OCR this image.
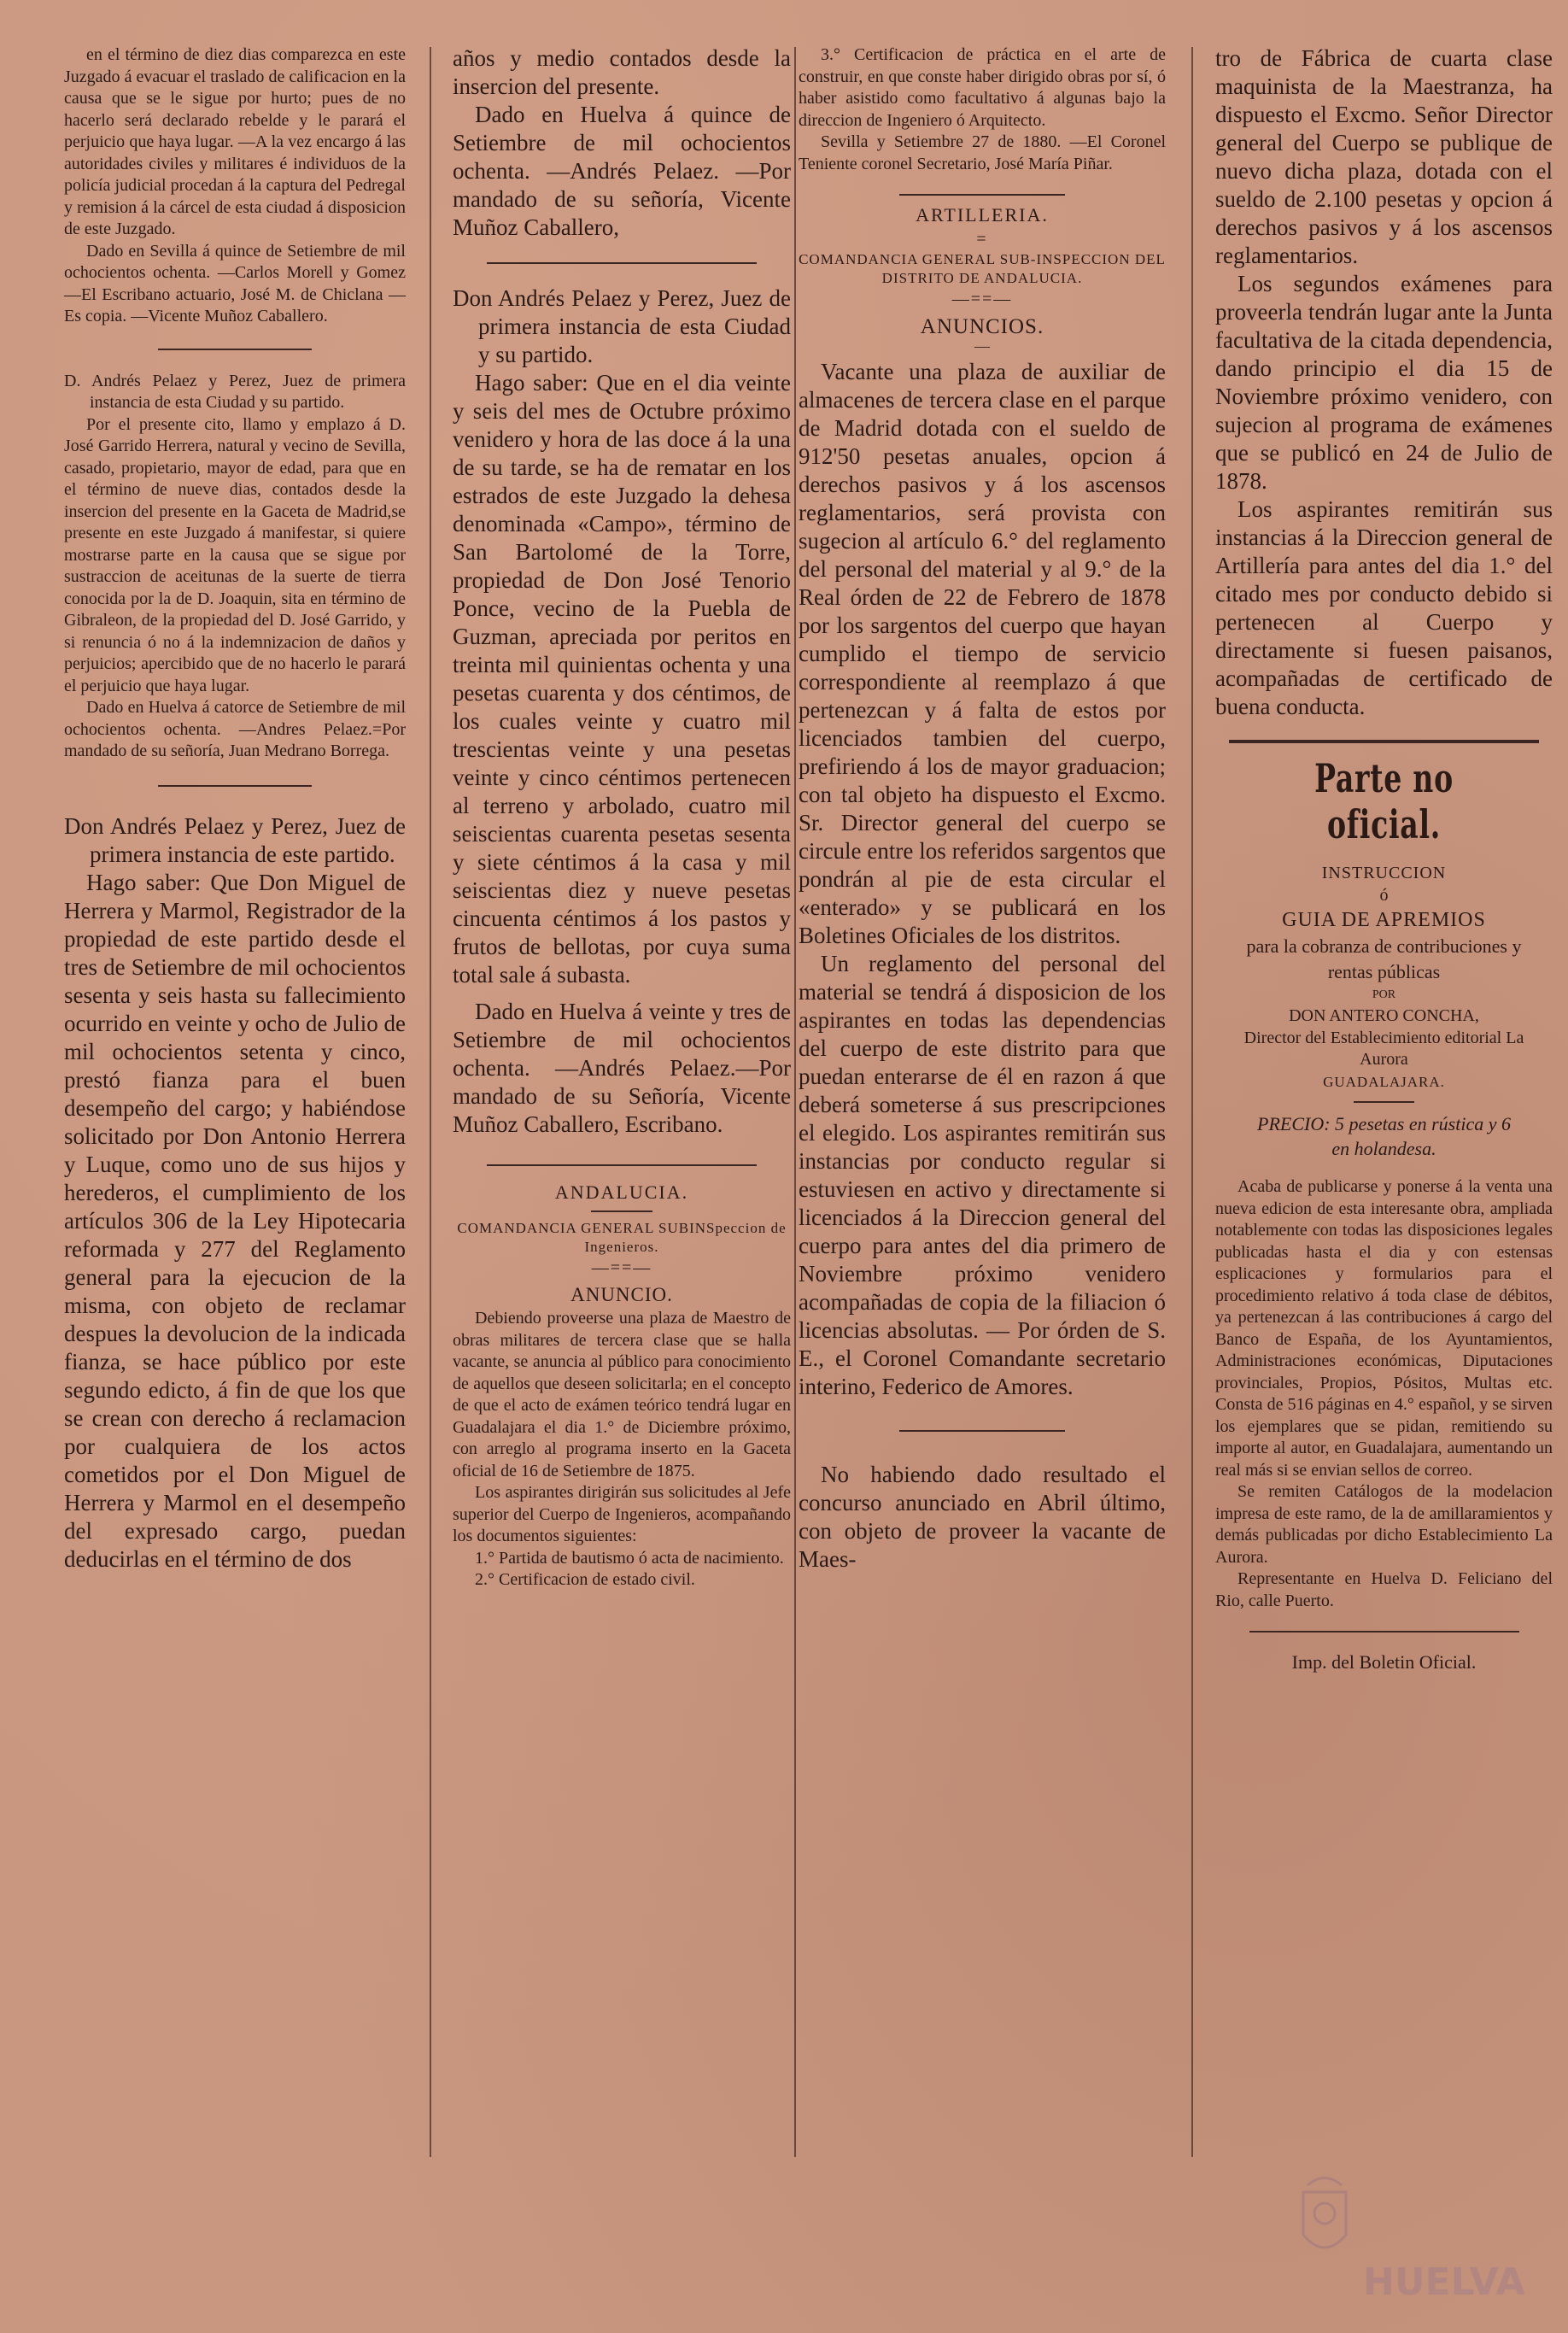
en el término de diez dias comparezca en este Juzgado á evacuar el traslado de calificacion en la causa que se le sigue por hurto; pues de no hacerlo será declarado rebelde y le parará el perjuicio que haya lugar. —A la vez encargo á las autoridades civiles y militares é individuos de la policía judicial procedan á la captura del Pedregal y remision á la cárcel de esta ciudad á disposicion de este Juzgado.

Dado en Sevilla á quince de Setiembre de mil ochocientos ochenta. —Carlos Morell y Gomez —El Escribano actuario, José M. de Chiclana —Es copia. —Vicente Muñoz Caballero.

D. Andrés Pelaez y Perez, Juez de primera instancia de esta Ciudad y su partido.

Por el presente cito, llamo y emplazo á D. José Garrido Herrera, natural y vecino de Sevilla, casado, propietario, mayor de edad, para que en el término de nueve dias, contados desde la insercion del presente en la Gaceta de Madrid,se presente en este Juzgado á manifestar, si quiere mostrarse parte en la causa que se sigue por sustraccion de aceitunas de la suerte de tierra conocida por la de D. Joaquin, sita en término de Gibraleon, de la propiedad del D. José Garrido, y si renuncia ó no á la indemnizacion de daños y perjuicios; apercibido que de no hacerlo le parará el perjuicio que haya lugar.

Dado en Huelva á catorce de Setiembre de mil ochocientos ochenta. —Andres Pelaez.=Por mandado de su señoría, Juan Medrano Borrega.

Don Andrés Pelaez y Perez, Juez de primera instancia de este partido.

Hago saber: Que Don Miguel de Herrera y Marmol, Registrador de la propiedad de este partido desde el tres de Setiembre de mil ochocientos sesenta y seis hasta su fallecimiento ocurrido en veinte y ocho de Julio de mil ochocientos setenta y cinco, prestó fianza para el buen desempeño del cargo; y habiéndose solicitado por Don Antonio Herrera y Luque, como uno de sus hijos y herederos, el cumplimiento de los artículos 306 de la Ley Hipotecaria reformada y 277 del Reglamento general para la ejecucion de la misma, con objeto de reclamar despues la devolucion de la indicada fianza, se hace público por este segundo edicto, á fin de que los que se crean con derecho á reclamacion por cualquiera de los actos cometidos por el Don Miguel de Herrera y Marmol en el desempeño del expresado cargo, puedan deducirlas en el término de dos

años y medio contados desde la insercion del presente.

Dado en Huelva á quince de Setiembre de mil ochocientos ochenta. —Andrés Pelaez. —Por mandado de su señoría, Vicente Muñoz Caballero,

Don Andrés Pelaez y Perez, Juez de primera instancia de esta Ciudad y su partido.

Hago saber: Que en el dia veinte y seis del mes de Octubre próximo venidero y hora de las doce á la una de su tarde, se ha de rematar en los estrados de este Juzgado la dehesa denominada «Campo», término de San Bartolomé de la Torre, propiedad de Don José Tenorio Ponce, vecino de la Puebla de Guzman, apreciada por peritos en treinta mil quinientas ochenta y una pesetas cuarenta y dos céntimos, de los cuales veinte y cuatro mil trescientas veinte y una pesetas veinte y cinco céntimos pertenecen al terreno y arbolado, cuatro mil seiscientas cuarenta pesetas sesenta y siete céntimos á la casa y mil seiscientas diez y nueve pesetas cincuenta céntimos á los pastos y frutos de bellotas, por cuya suma total sale á subasta.

Dado en Huelva á veinte y tres de Setiembre de mil ochocientos ochenta. —Andrés Pelaez.—Por mandado de su Señoría, Vicente Muñoz Caballero, Escribano.

ANDALUCIA.
COMANDANCIA GENERAL SUBINSpeccion de Ingenieros.
—==—
ANUNCIO.

Debiendo proveerse una plaza de Maestro de obras militares de tercera clase que se halla vacante, se anuncia al público para conocimiento de aquellos que deseen solicitarla; en el concepto de que el acto de exámen teórico tendrá lugar en Guadalajara el dia 1.° de Diciembre próximo, con arreglo al programa inserto en la Gaceta oficial de 16 de Setiembre de 1875.

Los aspirantes dirigirán sus solicitudes al Jefe superior del Cuerpo de Ingenieros, acompañando los documentos siguientes:

1.° Partida de bautismo ó acta de nacimiento.

2.° Certificacion de estado civil.

3.° Certificacion de práctica en el arte de construir, en que conste haber dirigido obras por sí, ó haber asistido como facultativo á algunas bajo la direccion de Ingeniero ó Arquitecto.

Sevilla y Setiembre 27 de 1880. —El Coronel Teniente coronel Secretario, José María Piñar.

ARTILLERIA.
=
COMANDANCIA GENERAL SUB-INSPECCION DEL DISTRITO DE ANDALUCIA.
—==—
ANUNCIOS.
—

Vacante una plaza de auxiliar de almacenes de tercera clase en el parque de Madrid dotada con el sueldo de 912'50 pesetas anuales, opcion á derechos pasivos y á los ascensos reglamentarios, será provista con sugecion al artículo 6.° del reglamento del personal del material y al 9.° de la Real órden de 22 de Febrero de 1878 por los sargentos del cuerpo que hayan cumplido el tiempo de servicio correspondiente al reemplazo á que pertenezcan y á falta de estos por licenciados tambien del cuerpo, prefiriendo á los de mayor graduacion; con tal objeto ha dispuesto el Excmo. Sr. Director general del cuerpo se circule entre los referidos sargentos que pondrán al pie de esta circular el «enterado» y se publicará en los Boletines Oficiales de los distritos.

Un reglamento del personal del material se tendrá á disposicion de los aspirantes en todas las dependencias del cuerpo de este distrito para que puedan enterarse de él en razon á que deberá someterse á sus prescripciones el elegido. Los aspirantes remitirán sus instancias por conducto regular si estuviesen en activo y directamente si licenciados á la Direccion general del cuerpo para antes del dia primero de Noviembre próximo venidero acompañadas de copia de la filiacion ó licencias absolutas. — Por órden de S. E., el Coronel Comandante secretario interino, Federico de Amores.

No habiendo dado resultado el concurso anunciado en Abril último, con objeto de proveer la vacante de Maes-

tro de Fábrica de cuarta clase maquinista de la Maestranza, ha dispuesto el Excmo. Señor Director general del Cuerpo se publique de nuevo dicha plaza, dotada con el sueldo de 2.100 pesetas y opcion á derechos pasivos y á los ascensos reglamentarios.

Los segundos exámenes para proveerla tendrán lugar ante la Junta facultativa de la citada dependencia, dando principio el dia 15 de Noviembre próximo venidero, con sujecion al programa de exámenes que se publicó en 24 de Julio de 1878.

Los aspirantes remitirán sus instancias á la Direccion general de Artillería para antes del dia 1.° del citado mes por conducto debido si pertenecen al Cuerpo y directamente si fuesen paisanos, acompañadas de certificado de buena conducta.

Parte no oficial.
INSTRUCCION
ó
GUIA DE APREMIOS
para la cobranza de contribuciones y rentas públicas
POR
DON ANTERO CONCHA,
Director del Establecimiento editorial La Aurora
GUADALAJARA.
PRECIO: 5 pesetas en rústica y 6 en holandesa.

Acaba de publicarse y ponerse á la venta una nueva edicion de esta interesante obra, ampliada notablemente con todas las disposiciones legales publicadas hasta el dia y con estensas esplicaciones y formularios para el procedimiento relativo á toda clase de débitos, ya pertenezcan á las contribuciones á cargo del Banco de España, de los Ayuntamientos, Administraciones económicas, Diputaciones provinciales, Propios, Pósitos, Multas etc. Consta de 516 páginas en 4.° español, y se sirven los ejemplares que se pidan, remitiendo su importe al autor, en Guadalajara, aumentando un real más si se envian sellos de correo.

Se remiten Catálogos de la modelacion impresa de este ramo, de la de amillaramientos y demás publicadas por dicho Establecimiento La Aurora.

Representante en Huelva D. Feliciano del Rio, calle Puerto.

Imp. del Boletin Oficial.
HUELVA
